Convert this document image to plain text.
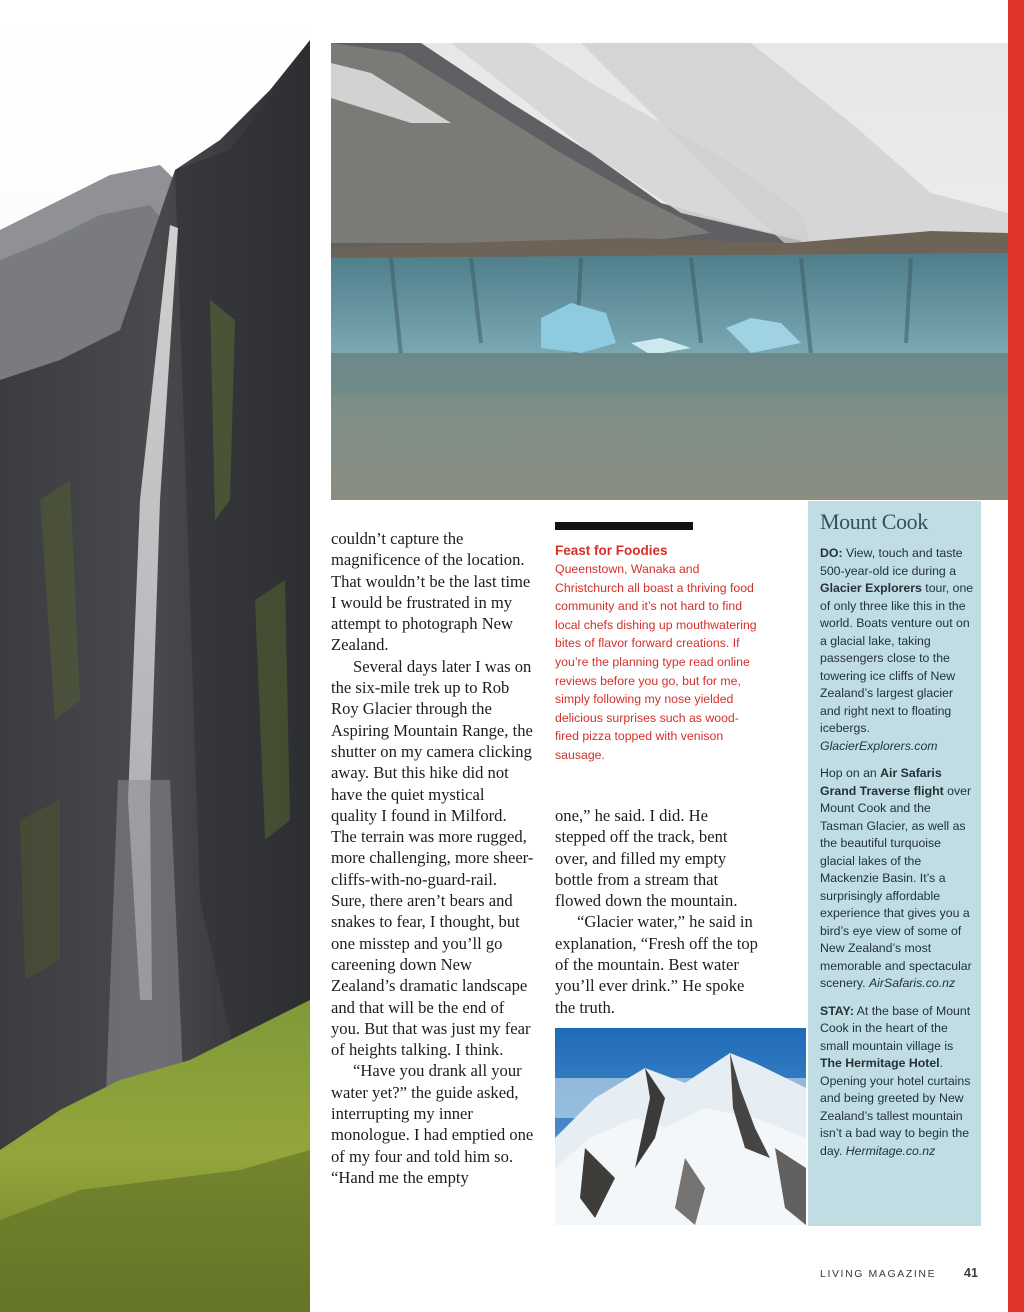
couldn’t capture the magnificence of the location. That wouldn’t be the last time I would be frustrated in my attempt to photograph New Zealand.

Several days later I was on the six-mile trek up to Rob Roy Glacier through the Aspiring Mountain Range, the shutter on my camera clicking away. But this hike did not have the quiet mystical quality I found in Milford. The terrain was more rugged, more challenging, more sheer-cliffs-with-no-guard-rail. Sure, there aren’t bears and snakes to fear, I thought, but one misstep and you’ll go careening down New Zealand’s dramatic landscape and that will be the end of you. But that was just my fear of heights talking. I think.

“Have you drank all your water yet?” the guide asked, interrupting my inner monologue. I had emptied one of my four and told him so. “Hand me the empty

Feast for Foodies
Queenstown, Wanaka and Christchurch all boast a thriving food community and it’s not hard to find local chefs dishing up mouthwatering bites of flavor forward creations. If you’re the planning type read online reviews before you go, but for me, simply following my nose yielded delicious surprises such as wood-fired pizza topped with venison sausage.

one,” he said. I did. He stepped off the track, bent over, and filled my empty bottle from a stream that flowed down the mountain.

“Glacier water,” he said in explanation, “Fresh off the top of the mountain. Best water you’ll ever drink.” He spoke the truth.

Mount Cook

DO: View, touch and taste 500-year-old ice during a Glacier Explorers tour, one of only three like this in the world. Boats venture out on a glacial lake, taking passengers close to the towering ice cliffs of New Zealand’s largest glacier and right next to floating icebergs. GlacierExplorers.com

Hop on an Air Safaris Grand Traverse flight over Mount Cook and the Tasman Glacier, as well as the beautiful turquoise glacial lakes of the Mackenzie Basin. It’s a surprisingly affordable experience that gives you a bird’s eye view of some of New Zealand’s most memorable and spectacular scenery. AirSafaris.co.nz

STAY: At the base of Mount Cook in the heart of the small mountain village is The Hermitage Hotel. Opening your hotel curtains and being greeted by New Zealand’s tallest mountain isn’t a bad way to begin the day. Hermitage.co.nz

LIVING MAGAZINE 41
